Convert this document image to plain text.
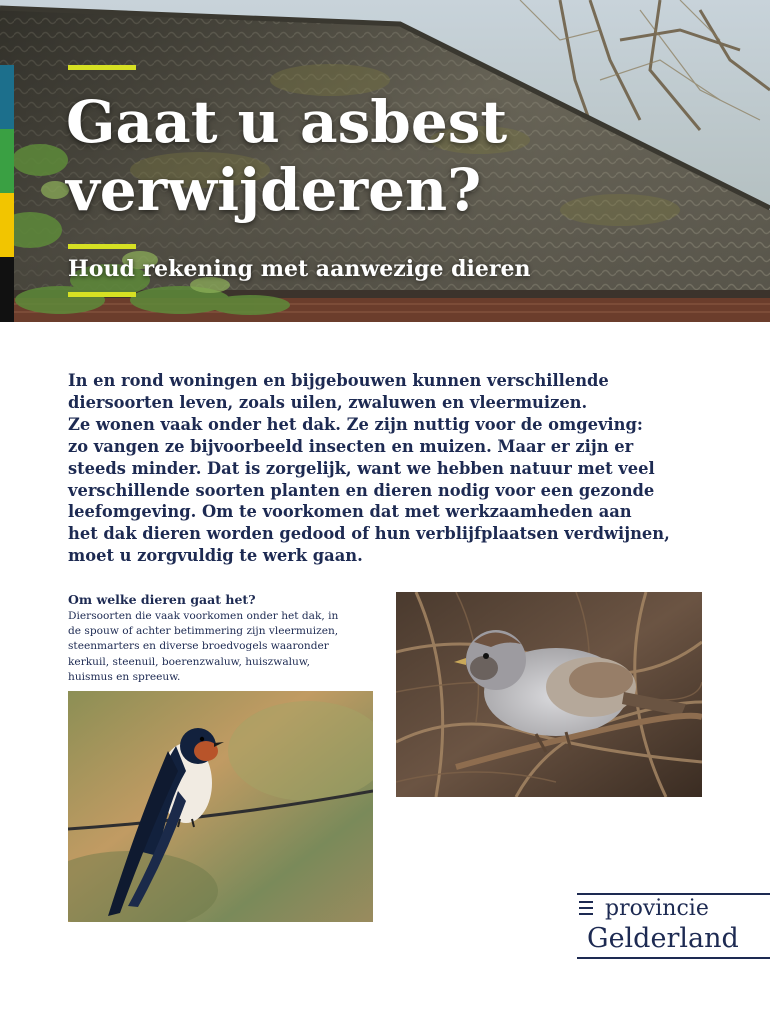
Gaat u asbest
verwijderen?
Houd rekening met aanwezige dieren

In en rond woningen en bijgebouwen kunnen verschillende

diersoorten leven, zoals uilen, zwaluwen en vleermuizen.

Ze wonen vaak onder het dak. Ze zijn nuttig voor de omgeving:

zo vangen ze bijvoorbeeld insecten en muizen. Maar er zijn er

steeds minder. Dat is zorgelijk, want we hebben natuur met veel

verschillende soorten planten en dieren nodig voor een gezonde

leefomgeving. Om te voorkomen dat met werkzaamheden aan

het dak dieren worden gedood of hun verblijfplaatsen verdwijnen,

moet u zorgvuldig te werk gaan.

Om welke dieren gaat het?

Diersoorten die vaak voorkomen onder het dak, in

de spouw of achter betimmering zijn vleermuizen,

steenmarters en diverse broedvogels waaronder

kerkuil, steenuil, boerenzwaluw, huiszwaluw,

huismus en spreeuw.

provincie
Gelderland
